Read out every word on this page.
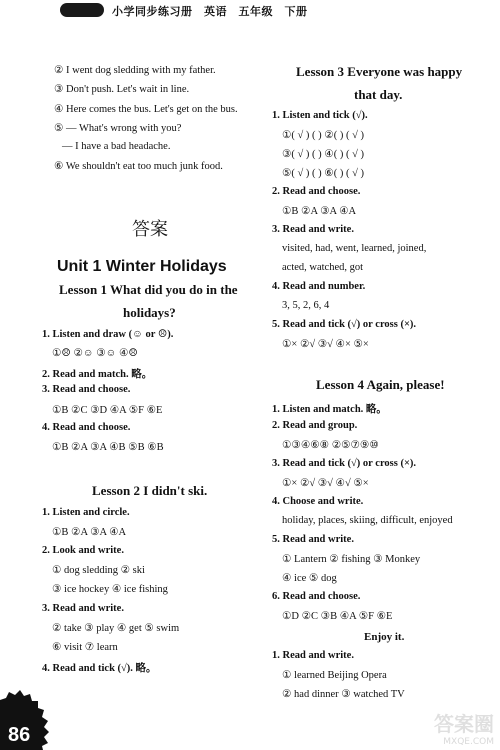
小学同步练习册　英语　五年级　下册
② I went dog sledding with my father.
③ Don't push. Let's wait in line.
④ Here comes the bus. Let's get on the bus.
⑤ — What's wrong with you?
— I have a bad headache.
⑥ We shouldn't eat too much junk food.
答案
Unit 1 Winter Holidays
Lesson 1 What did you do in the
holidays?
1. Listen and draw (☺ or ☹).
①☹ ②☺ ③☺ ④☹
2. Read and match. 略。
3. Read and choose.
①B ②C ③D ④A ⑤F ⑥E
4. Read and choose.
①B ②A ③A ④B ⑤B ⑥B
Lesson 2 I didn't ski.
1. Listen and circle.
①B ②A ③A ④A
2. Look and write.
① dog sledding ② ski
③ ice hockey ④ ice fishing
3. Read and write.
② take ③ play ④ get ⑤ swim
⑥ visit ⑦ learn
4. Read and tick (√). 略。
Lesson 3 Everyone was happy
that day.
1. Listen and tick (√).
①( √ ) ( ) ②( ) ( √ )
③( √ ) ( ) ④( ) ( √ )
⑤( √ ) ( ) ⑥( ) ( √ )
2. Read and choose.
①B ②A ③A ④A
3. Read and write.
visited, had, went, learned, joined,
acted, watched, got
4. Read and number.
3, 5, 2, 6, 4
5. Read and tick (√) or cross (×).
①× ②√ ③√ ④× ⑤×
Lesson 4 Again, please!
1. Listen and match. 略。
2. Read and group.
①③④⑥⑧ ②⑤⑦⑨⑩
3. Read and tick (√) or cross (×).
①× ②√ ③√ ④√ ⑤×
4. Choose and write.
holiday, places, skiing, difficult, enjoyed
5. Read and write.
① Lantern ② fishing ③ Monkey
④ ice ⑤ dog
6. Read and choose.
①D ②C ③B ④A ⑤F ⑥E
Enjoy it.
1. Read and write.
① learned Beijing Opera
② had dinner ③ watched TV
86	答案圈
MXQE.COM
